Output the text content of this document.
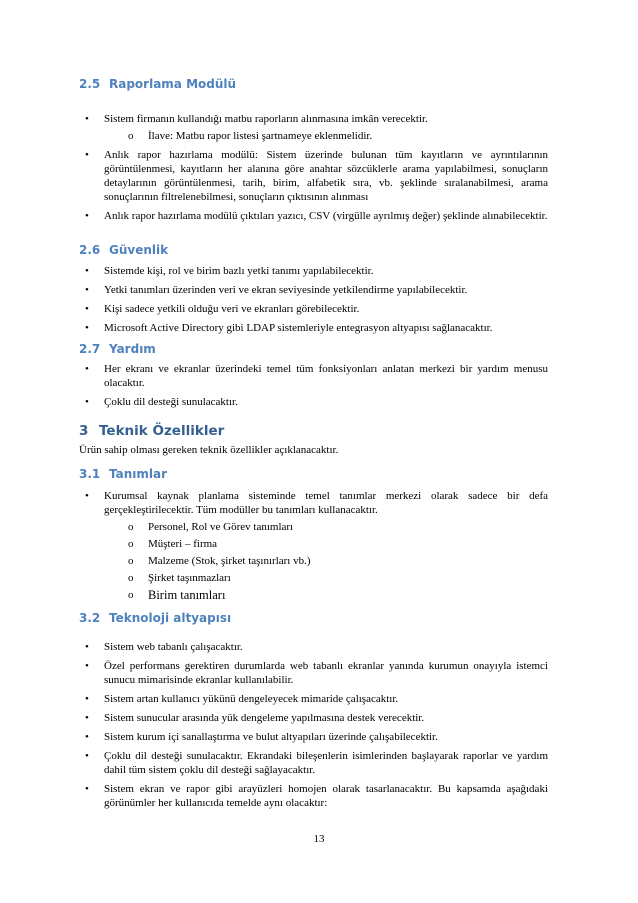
2.5 Raporlama Modülü
• Sistem firmanın kullandığı matbu raporların alınmasına imkân verecektir.
o İlave: Matbu rapor listesi şartnameye eklenmelidir.
• Anlık rapor hazırlama modülü: Sistem üzerinde bulunan tüm kayıtların ve ayrıntılarının görüntülenmesi, kayıtların her alanına göre anahtar sözcüklerle arama yapılabilmesi, sonuçların detaylarının görüntülenmesi, tarih, birim, alfabetik sıra, vb. şeklinde sıralanabilmesi, arama sonuçlarının filtrelenebilmesi, sonuçların çıktısının alınması
• Anlık rapor hazırlama modülü çıktıları yazıcı, CSV (virgülle ayrılmış değer) şeklinde alınabilecektir.
2.6 Güvenlik
• Sistemde kişi, rol ve birim bazlı yetki tanımı yapılabilecektir.
• Yetki tanımları üzerinden veri ve ekran seviyesinde yetkilendirme yapılabilecektir.
• Kişi sadece yetkili olduğu veri ve ekranları görebilecektir.
• Microsoft Active Directory gibi LDAP sistemleriyle entegrasyon altyapısı sağlanacaktır.
2.7 Yardım
• Her ekranı ve ekranlar üzerindeki temel tüm fonksiyonları anlatan merkezi bir yardım menusu olacaktır.
• Çoklu dil desteği sunulacaktır.
3 Teknik Özellikler
Ürün sahip olması gereken teknik özellikler açıklanacaktır.
3.1 Tanımlar
• Kurumsal kaynak planlama sisteminde temel tanımlar merkezi olarak sadece bir defa gerçekleştirilecektir. Tüm modüller bu tanımları kullanacaktır.
o Personel, Rol ve Görev tanımları
o Müşteri – firma
o Malzeme (Stok, şirket taşınırları vb.)
o Şirket taşınmazları
o Birim tanımları
3.2 Teknoloji altyapısı
• Sistem web tabanlı çalışacaktır.
• Özel performans gerektiren durumlarda web tabanlı ekranlar yanında kurumun onayıyla istemci sunucu mimarisinde ekranlar kullanılabilir.
• Sistem artan kullanıcı yükünü dengeleyecek mimaride çalışacaktır.
• Sistem sunucular arasında yük dengeleme yapılmasına destek verecektir.
• Sistem kurum içi sanallaştırma ve bulut altyapıları üzerinde çalışabilecektir.
• Çoklu dil desteği sunulacaktır. Ekrandaki bileşenlerin isimlerinden başlayarak raporlar ve yardım dahil tüm sistem çoklu dil desteği sağlayacaktır.
• Sistem ekran ve rapor gibi arayüzleri homojen olarak tasarlanacaktır. Bu kapsamda aşağıdaki görünümler her kullanıcıda temelde aynı olacaktır:
13
